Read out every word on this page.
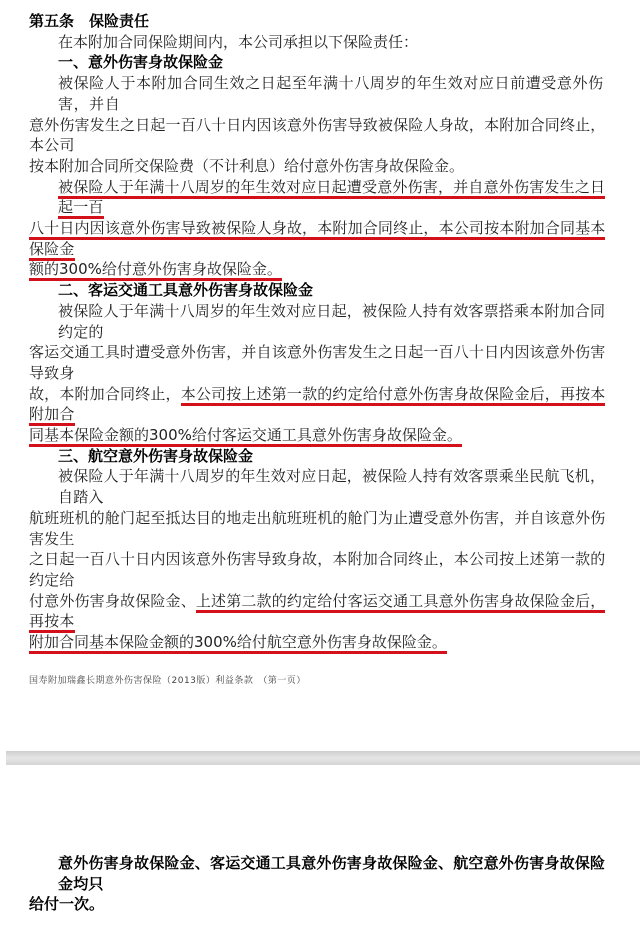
第五条　保险责任
在本附加合同保险期间内，本公司承担以下保险责任：
一、意外伤害身故保险金
被保险人于本附加合同生效之日起至年满十八周岁的年生效对应日前遭受意外伤害，并自
意外伤害发生之日起一百八十日内因该意外伤害导致被保险人身故，本附加合同终止，本公司
按本附加合同所交保险费（不计利息）给付意外伤害身故保险金。
被保险人于年满十八周岁的年生效对应日起遭受意外伤害，并自意外伤害发生之日起一百
八十日内因该意外伤害导致被保险人身故，本附加合同终止，本公司按本附加合同基本保险金
额的300%给付意外伤害身故保险金。
二、客运交通工具意外伤害身故保险金
被保险人于年满十八周岁的年生效对应日起，被保险人持有效客票搭乘本附加合同约定的
客运交通工具时遭受意外伤害，并自该意外伤害发生之日起一百八十日内因该意外伤害导致身
故，本附加合同终止，本公司按上述第一款的约定给付意外伤害身故保险金后，再按本附加合
同基本保险金额的300%给付客运交通工具意外伤害身故保险金。
三、航空意外伤害身故保险金
被保险人于年满十八周岁的年生效对应日起，被保险人持有效客票乘坐民航飞机，自踏入
航班班机的舱门起至抵达目的地走出航班班机的舱门为止遭受意外伤害，并自该意外伤害发生
之日起一百八十日内因该意外伤害导致身故，本附加合同终止，本公司按上述第一款的约定给
付意外伤害身故保险金、上述第二款的约定给付客运交通工具意外伤害身故保险金后，再按本
附加合同基本保险金额的300%给付航空意外伤害身故保险金。
国寿附加瑞鑫长期意外伤害保险（2013版）利益条款　（第一页）
意外伤害身故保险金、客运交通工具意外伤害身故保险金、航空意外伤害身故保险金均只
给付一次。
